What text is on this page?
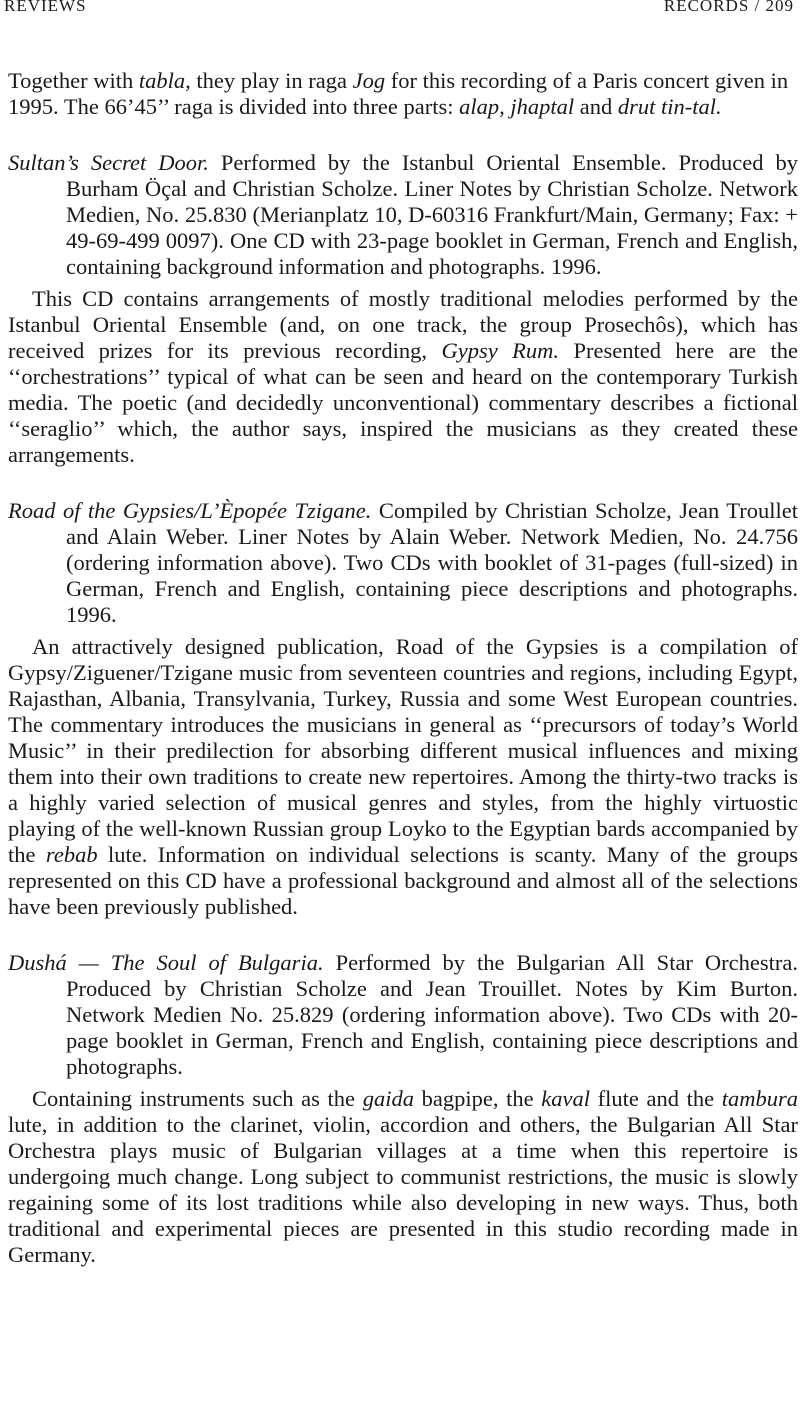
REVIEWS	RECORDS / 209

Together with tabla, they play in raga Jog for this recording of a Paris concert given in 1995. The 66’45’’ raga is divided into three parts: alap, jhaptal and drut tin-tal.

Sultan’s Secret Door. Performed by the Istanbul Oriental Ensemble. Produced by Burham Öçal and Christian Scholze. Liner Notes by Christian Scholze. Network Medien, No. 25.830 (Merianplatz 10, D-60316 Frankfurt/Main, Germany; Fax: + 49-69-499 0097). One CD with 23-page booklet in German, French and English, containing background information and photographs. 1996.

This CD contains arrangements of mostly traditional melodies performed by the Istanbul Oriental Ensemble (and, on one track, the group Prosechôs), which has received prizes for its previous recording, Gypsy Rum. Presented here are the ‘‘orchestrations’’ typical of what can be seen and heard on the contemporary Turkish media. The poetic (and decidedly unconventional) commentary describes a fictional ‘‘seraglio’’ which, the author says, inspired the musicians as they created these arrangements.

Road of the Gypsies/L’Èpopée Tzigane. Compiled by Christian Scholze, Jean Troullet and Alain Weber. Liner Notes by Alain Weber. Network Medien, No. 24.756 (ordering information above). Two CDs with booklet of 31-pages (full-sized) in German, French and English, containing piece descriptions and photographs. 1996.

An attractively designed publication, Road of the Gypsies is a compilation of Gypsy/Ziguener/Tzigane music from seventeen countries and regions, including Egypt, Rajasthan, Albania, Transylvania, Turkey, Russia and some West European countries. The commentary introduces the musicians in general as ‘‘precursors of today’s World Music’’ in their predilection for absorbing different musical influences and mixing them into their own traditions to create new repertoires. Among the thirty-two tracks is a highly varied selection of musical genres and styles, from the highly virtuostic playing of the well-known Russian group Loyko to the Egyptian bards accompanied by the rebab lute. Information on individual selections is scanty. Many of the groups represented on this CD have a professional background and almost all of the selections have been previously published.

Dushá — The Soul of Bulgaria. Performed by the Bulgarian All Star Orchestra. Produced by Christian Scholze and Jean Trouillet. Notes by Kim Burton. Network Medien No. 25.829 (ordering information above). Two CDs with 20-page booklet in German, French and English, containing piece descriptions and photographs.

Containing instruments such as the gaida bagpipe, the kaval flute and the tambura lute, in addition to the clarinet, violin, accordion and others, the Bulgarian All Star Orchestra plays music of Bulgarian villages at a time when this repertoire is undergoing much change. Long subject to communist restrictions, the music is slowly regaining some of its lost traditions while also developing in new ways. Thus, both traditional and experimental pieces are presented in this studio recording made in Germany.
